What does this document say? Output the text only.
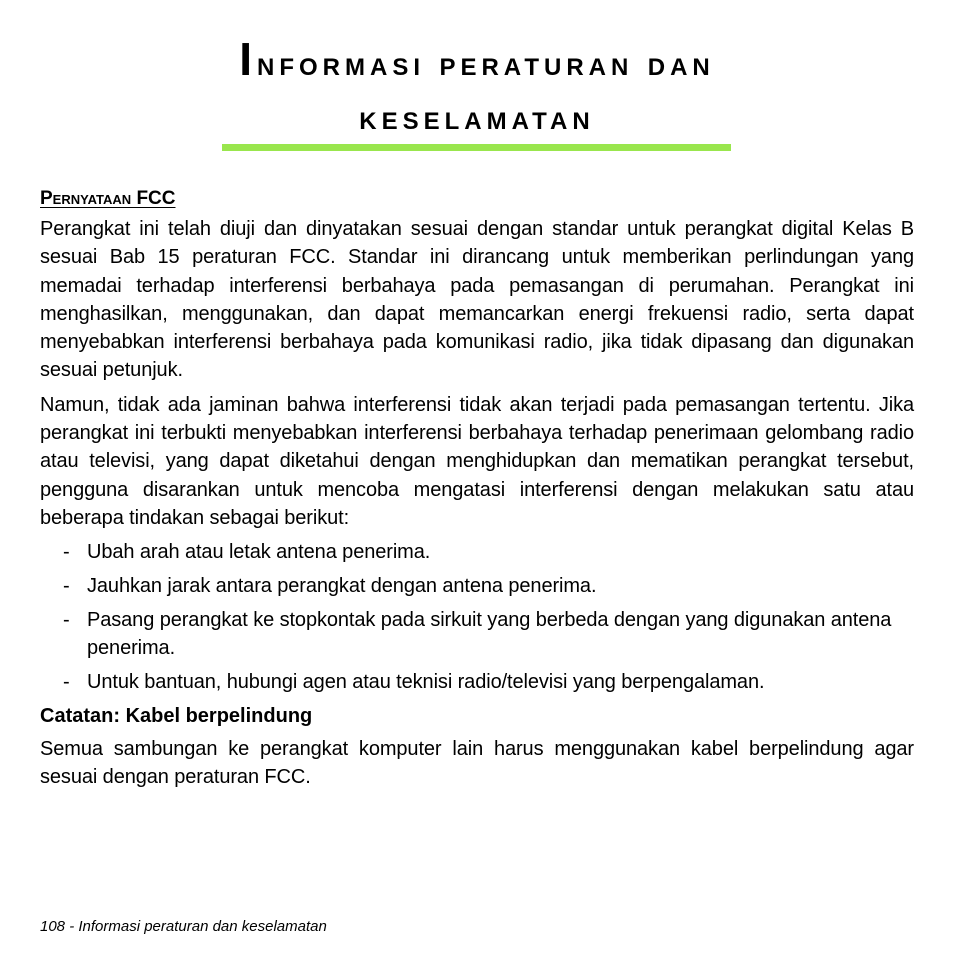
Informasi peraturan dan
keselamatan
Pernyataan FCC

Perangkat ini telah diuji dan dinyatakan sesuai dengan standar untuk perangkat digital Kelas B sesuai Bab 15 peraturan FCC. Standar ini dirancang untuk memberikan perlindungan yang memadai terhadap interferensi berbahaya pada pemasangan di perumahan. Perangkat ini menghasilkan, menggunakan, dan dapat memancarkan energi frekuensi radio, serta dapat menyebabkan interferensi berbahaya pada komunikasi radio, jika tidak dipasang dan digunakan sesuai petunjuk.

Namun, tidak ada jaminan bahwa interferensi tidak akan terjadi pada pemasangan tertentu. Jika perangkat ini terbukti menyebabkan interferensi berbahaya terhadap penerimaan gelombang radio atau televisi, yang dapat diketahui dengan menghidupkan dan mematikan perangkat tersebut, pengguna disarankan untuk mencoba mengatasi interferensi dengan melakukan satu atau beberapa tindakan sebagai berikut:

- Ubah arah atau letak antena penerima.
- Jauhkan jarak antara perangkat dengan antena penerima.
- Pasang perangkat ke stopkontak pada sirkuit yang berbeda dengan yang digunakan antena penerima.
- Untuk bantuan, hubungi agen atau teknisi radio/televisi yang berpengalaman.
Catatan: Kabel berpelindung

Semua sambungan ke perangkat komputer lain harus menggunakan kabel berpelindung agar sesuai dengan peraturan FCC.

108 - Informasi peraturan dan keselamatan
